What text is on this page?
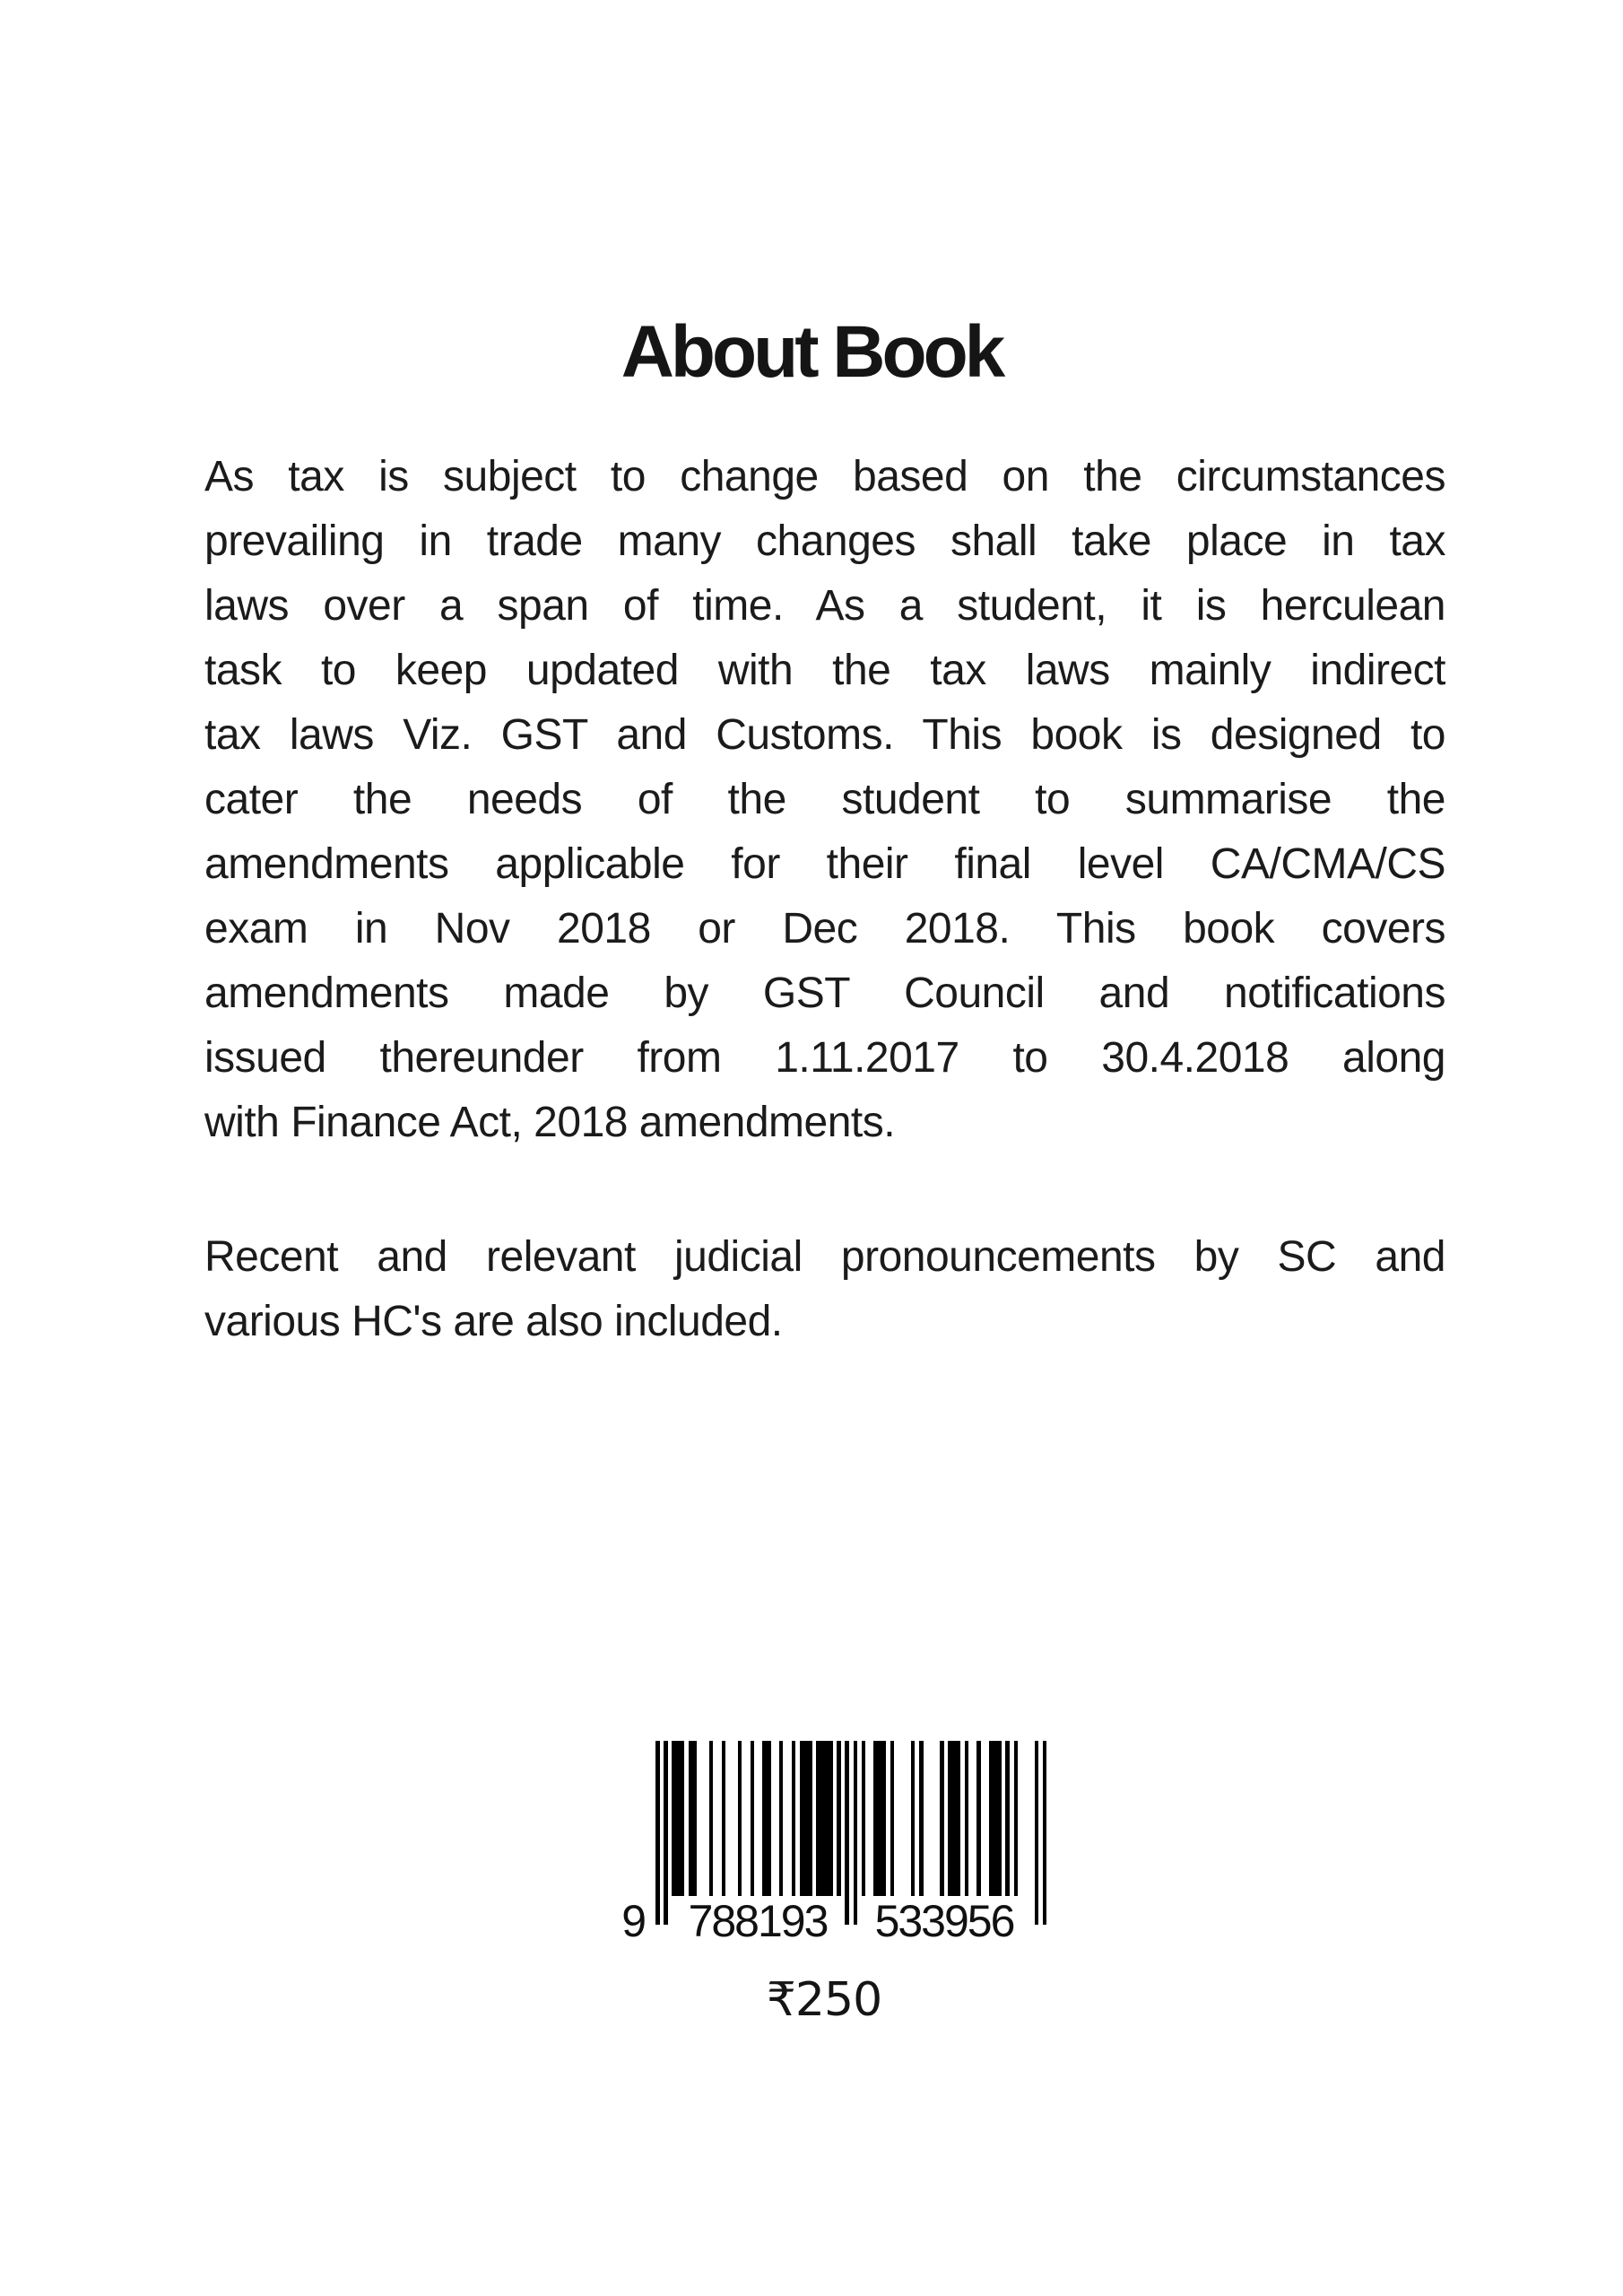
About Book
As tax is subject to change based on the circumstances
prevailing in trade many changes shall take place in tax
laws over a span of time. As a student, it is herculean
task to keep updated with the tax laws mainly indirect
tax laws Viz. GST and Customs. This book is designed to
cater the needs of the student to summarise the
amendments applicable for their final level CA/CMA/CS
exam in Nov 2018 or Dec 2018. This book covers
amendments made by GST Council and notifications
issued thereunder from 1.11.2017 to 30.4.2018 along
with Finance Act, 2018 amendments.
Recent and relevant judicial pronouncements by SC and
various HC's are also included.
9 788193	533956
₹250
